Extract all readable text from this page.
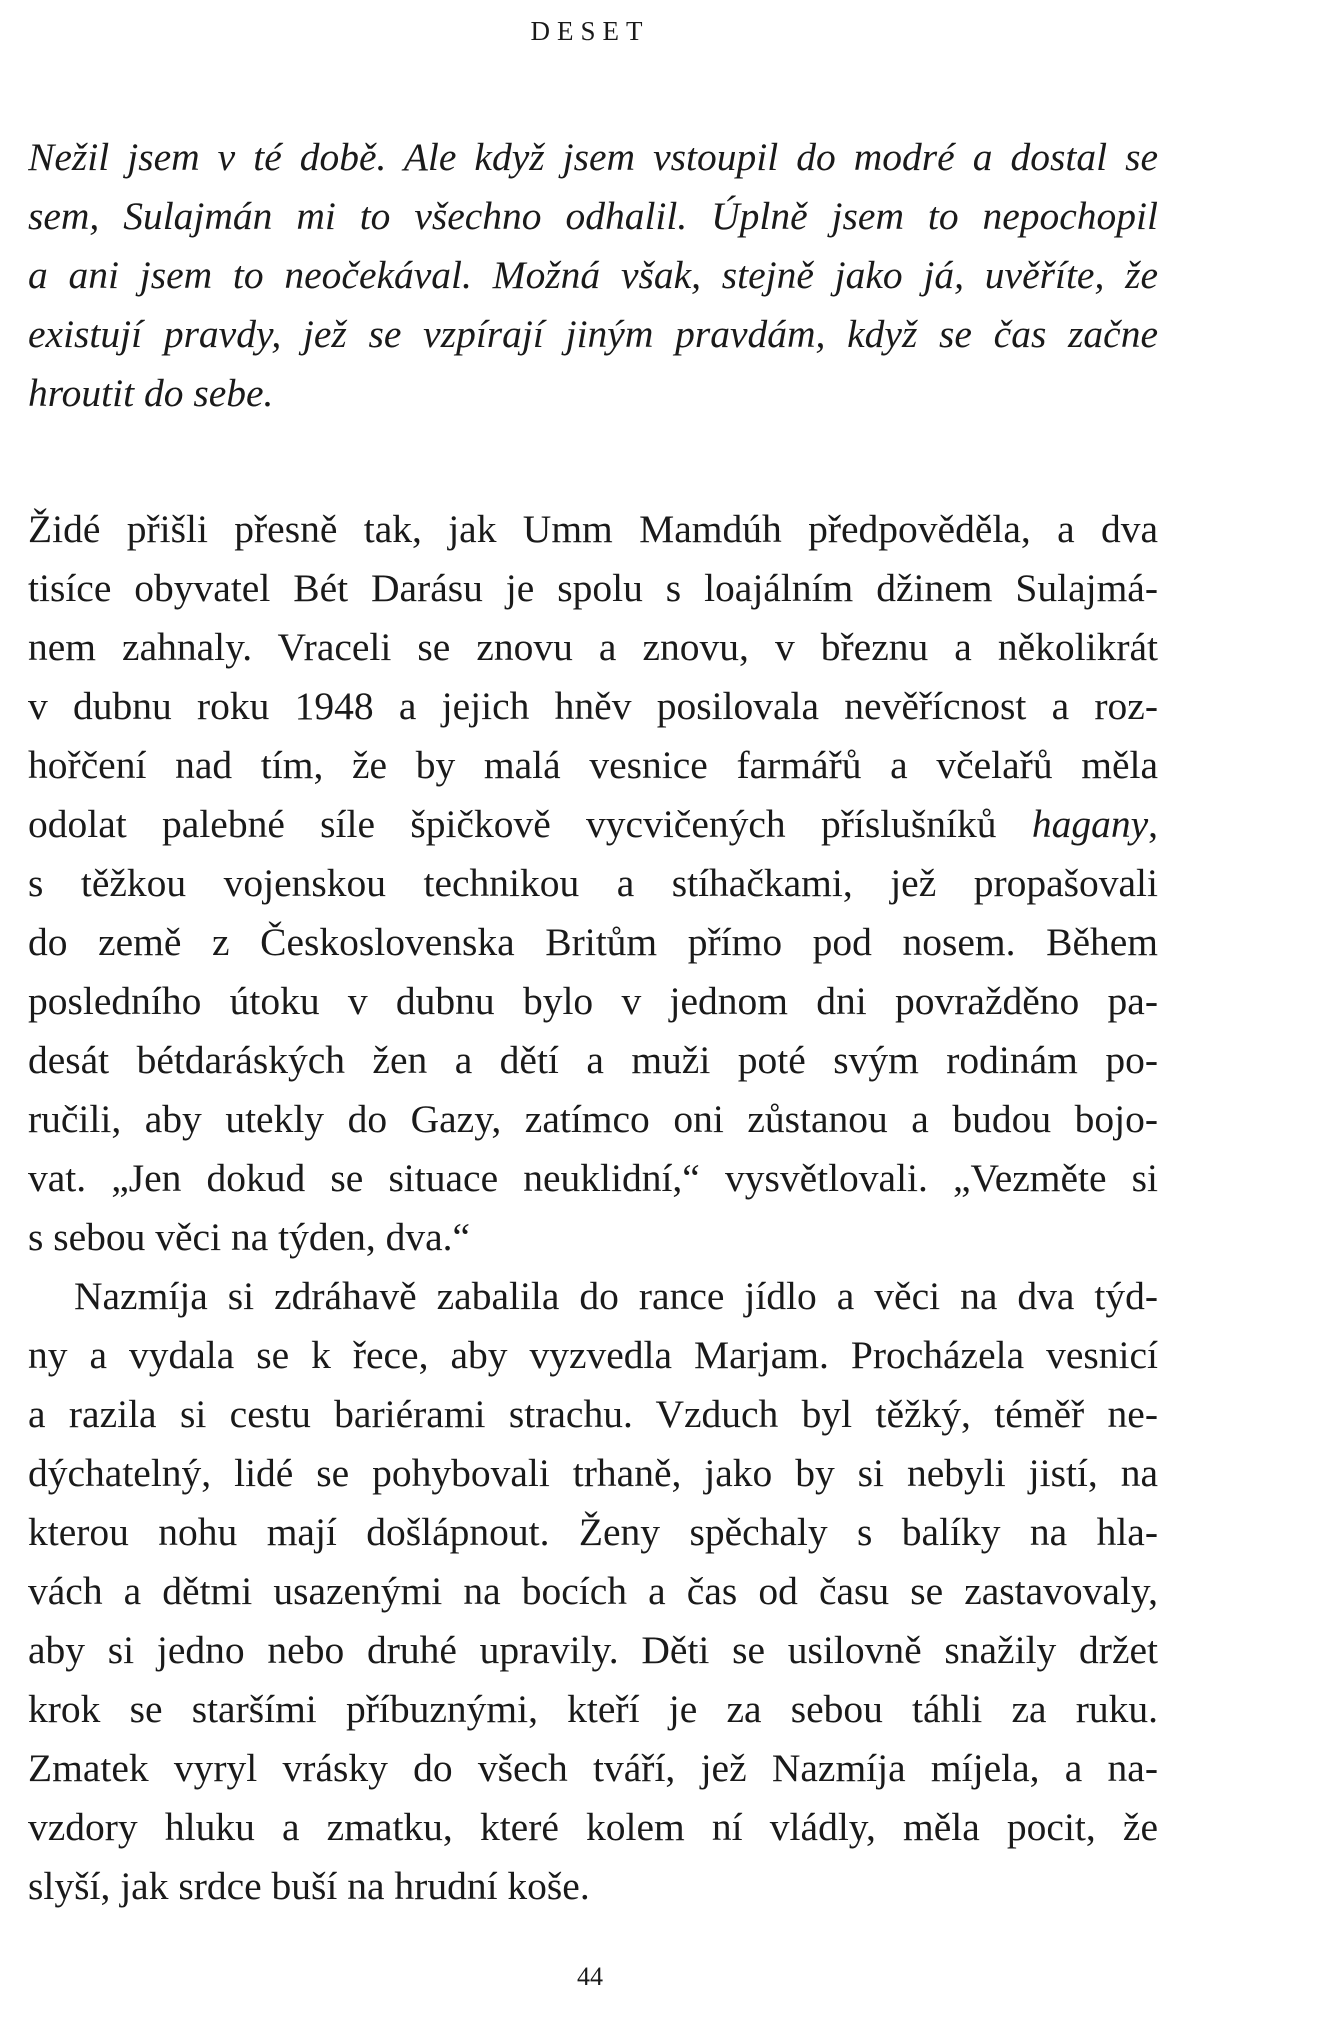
DESET
Nežil jsem v té době. Ale když jsem vstoupil do modré a dostal se
sem, Sulajmán mi to všechno odhalil. Úplně jsem to nepochopil
a ani jsem to neočekával. Možná však, stejně jako já, uvěříte, že
existují pravdy, jež se vzpírají jiným pravdám, když se čas začne
hroutit do sebe.
Židé přišli přesně tak, jak Umm Mamdúh předpověděla, a dva
tisíce obyvatel Bét Darásu je spolu s loajálním džinem Sulajmá-
nem zahnaly. Vraceli se znovu a znovu, v březnu a několikrát
v dubnu roku 1948 a jejich hněv posilovala nevěřícnost a roz-
hořčení nad tím, že by malá vesnice farmářů a včelařů měla
odolat palebné síle špičkově vycvičených příslušníků hagany,
s těžkou vojenskou technikou a stíhačkami, jež propašovali
do země z Československa Britům přímo pod nosem. Během
posledního útoku v dubnu bylo v jednom dni povražděno pa-
desát bétdaráských žen a dětí a muži poté svým rodinám po-
ručili, aby utekly do Gazy, zatímco oni zůstanou a budou bojo-
vat. „Jen dokud se situace neuklidní,“ vysvětlovali. „Vezměte si
s sebou věci na týden, dva.“
Nazmíja si zdráhavě zabalila do rance jídlo a věci na dva týd-
ny a vydala se k řece, aby vyzvedla Marjam. Procházela vesnicí
a razila si cestu bariérami strachu. Vzduch byl těžký, téměř ne-
dýchatelný, lidé se pohybovali trhaně, jako by si nebyli jistí, na
kterou nohu mají došlápnout. Ženy spěchaly s balíky na hla-
vách a dětmi usazenými na bocích a čas od času se zastavovaly,
aby si jedno nebo druhé upravily. Děti se usilovně snažily držet
krok se staršími příbuznými, kteří je za sebou táhli za ruku.
Zmatek vyryl vrásky do všech tváří, jež Nazmíja míjela, a na-
vzdory hluku a zmatku, které kolem ní vládly, měla pocit, že
slyší, jak srdce buší na hrudní koše.
44
